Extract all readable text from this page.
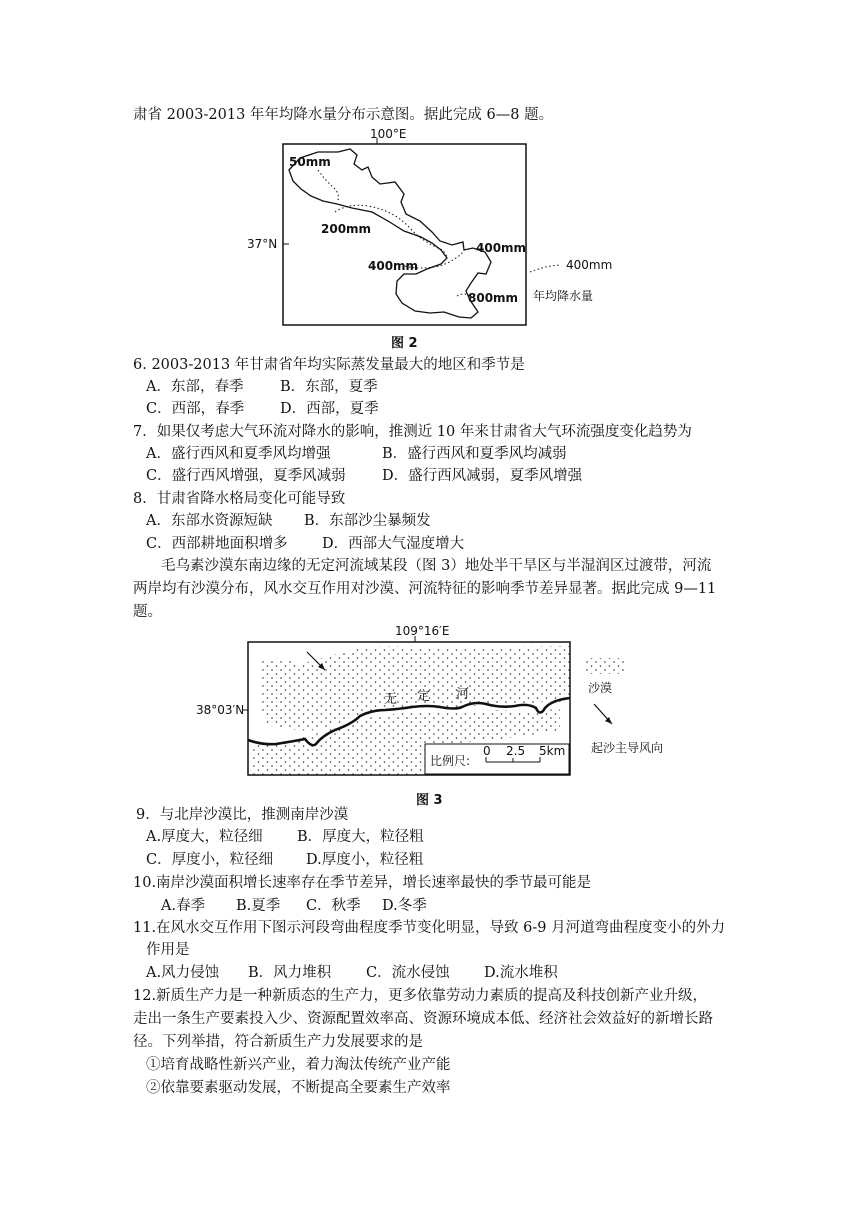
肃省 2003-2013 年年均降水量分布示意图。据此完成 6—8 题。
100°E
37°N
50mm
200mm
400mm
400mm
800mm
400mm
年均降水量
图 2
6. 2003-2013 年甘肃省年均实际蒸发量最大的地区和季节是
A．东部，春季	B．东部，夏季
C．西部，春季 D．西部，夏季
7．如果仅考虑大气环流对降水的影响，推测近 10 年来甘肃省大气环流强度变化趋势为
A．盛行西风和夏季风均增强	B．盛行西风和夏季风均减弱
C．盛行西风增强，夏季风减弱	D．盛行西风减弱，夏季风增强
8．甘肃省降水格局变化可能导致
A．东部水资源短缺 B．东部沙尘暴频发
C．西部耕地面积增多 D．西部大气湿度增大
毛乌素沙漠东南边缘的无定河流域某段（图 3）地处半干旱区与半湿润区过渡带，河流
两岸均有沙漠分布，风水交互作用对沙漠、河流特征的影响季节差异显著。据此完成 9—11
题。
比例尺:
0 2.5 5km
109°16′E
38°03′N
无 定 河	沙漠
起沙主导风向
图 3
9．与北岸沙漠比，推测南岸沙漠
A.厚度大，粒径细 B．厚度大，粒径粗
C．厚度小，粒径细 D.厚度小，粒径粗
10.南岸沙漠面积增长速率存在季节差异，增长速率最快的季节最可能是
A.春季 B.夏季 C．秋季 D.冬季
11.在风水交互作用下图示河段弯曲程度季节变化明显，导致 6-9 月河道弯曲程度变小的外力
作用是
A.风力侵蚀 B．风力堆积 C．流水侵蚀 D.流水堆积
12.新质生产力是一种新质态的生产力，更多依靠劳动力素质的提高及科技创新产业升级，
走出一条生产要素投入少、资源配置效率高、资源环境成本低、经济社会效益好的新增长路
径。下列举措，符合新质生产力发展要求的是
①培育战略性新兴产业，着力淘汰传统产业产能
②依靠要素驱动发展，不断提高全要素生产效率
